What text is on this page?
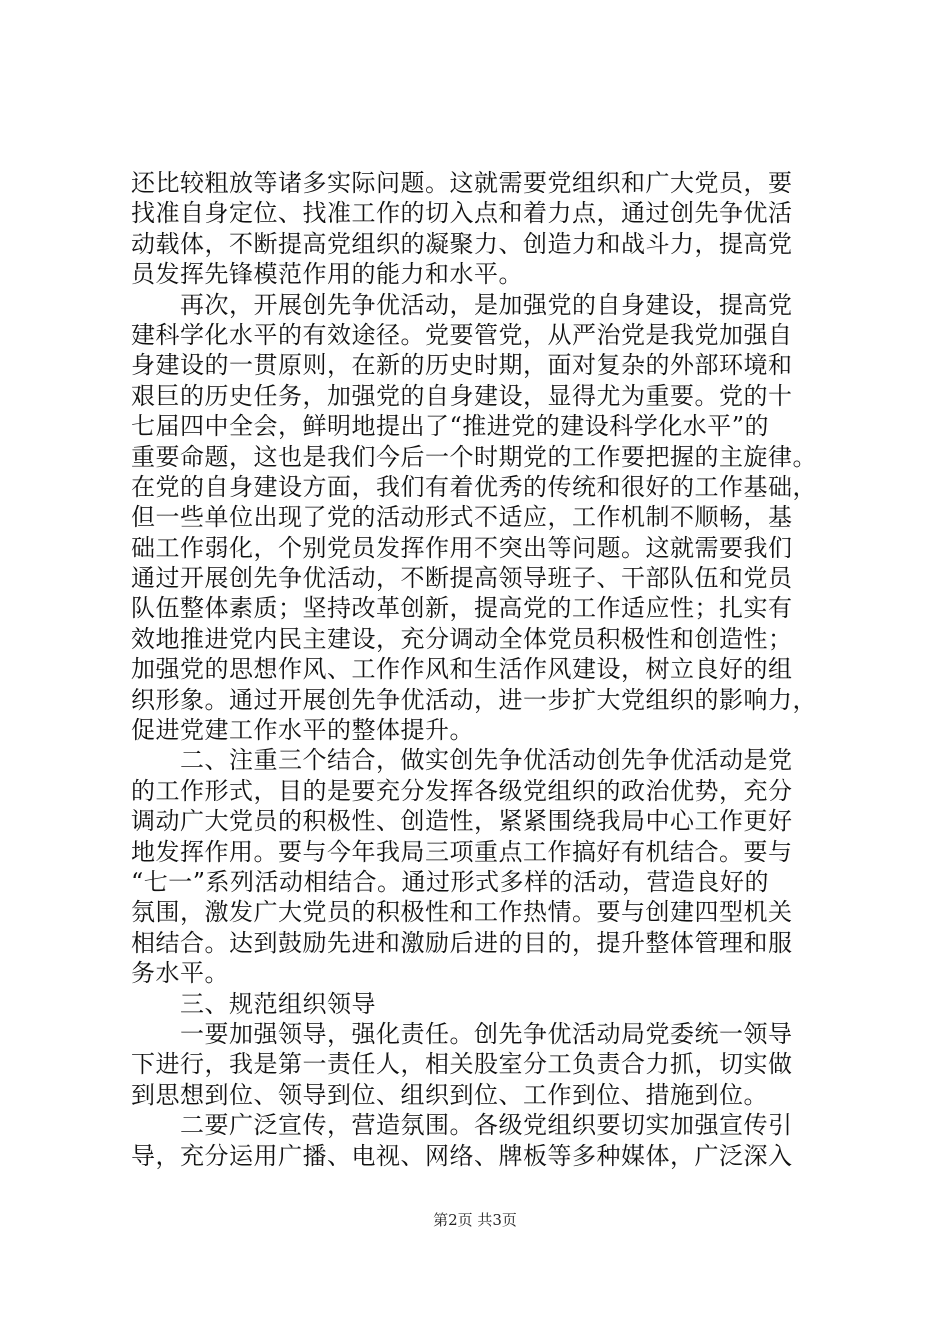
还比较粗放等诸多实际问题。这就需要党组织和广大党员，要
找准自身定位、找准工作的切入点和着力点，通过创先争优活
动载体，不断提高党组织的凝聚力、创造力和战斗力，提高党
员发挥先锋模范作用的能力和水平。
　　再次，开展创先争优活动，是加强党的自身建设，提高党
建科学化水平的有效途径。党要管党，从严治党是我党加强自
身建设的一贯原则，在新的历史时期，面对复杂的外部环境和
艰巨的历史任务，加强党的自身建设，显得尤为重要。党的十
七届四中全会，鲜明地提出了“推进党的建设科学化水平”的
重要命题，这也是我们今后一个时期党的工作要把握的主旋律。
在党的自身建设方面，我们有着优秀的传统和很好的工作基础，
但一些单位出现了党的活动形式不适应，工作机制不顺畅，基
础工作弱化，个别党员发挥作用不突出等问题。这就需要我们
通过开展创先争优活动，不断提高领导班子、干部队伍和党员
队伍整体素质；坚持改革创新，提高党的工作适应性；扎实有
效地推进党内民主建设，充分调动全体党员积极性和创造性；
加强党的思想作风、工作作风和生活作风建设，树立良好的组
织形象。通过开展创先争优活动，进一步扩大党组织的影响力，
促进党建工作水平的整体提升。
　　二、注重三个结合，做实创先争优活动创先争优活动是党
的工作形式，目的是要充分发挥各级党组织的政治优势，充分
调动广大党员的积极性、创造性，紧紧围绕我局中心工作更好
地发挥作用。要与今年我局三项重点工作搞好有机结合。要与
“七一”系列活动相结合。通过形式多样的活动，营造良好的
氛围，激发广大党员的积极性和工作热情。要与创建四型机关
相结合。达到鼓励先进和激励后进的目的，提升整体管理和服
务水平。
　　三、规范组织领导
　　一要加强领导，强化责任。创先争优活动局党委统一领导
下进行，我是第一责任人，相关股室分工负责合力抓，切实做
到思想到位、领导到位、组织到位、工作到位、措施到位。
　　二要广泛宣传，营造氛围。各级党组织要切实加强宣传引
导，充分运用广播、电视、网络、牌板等多种媒体，广泛深入
第2页 共3页
